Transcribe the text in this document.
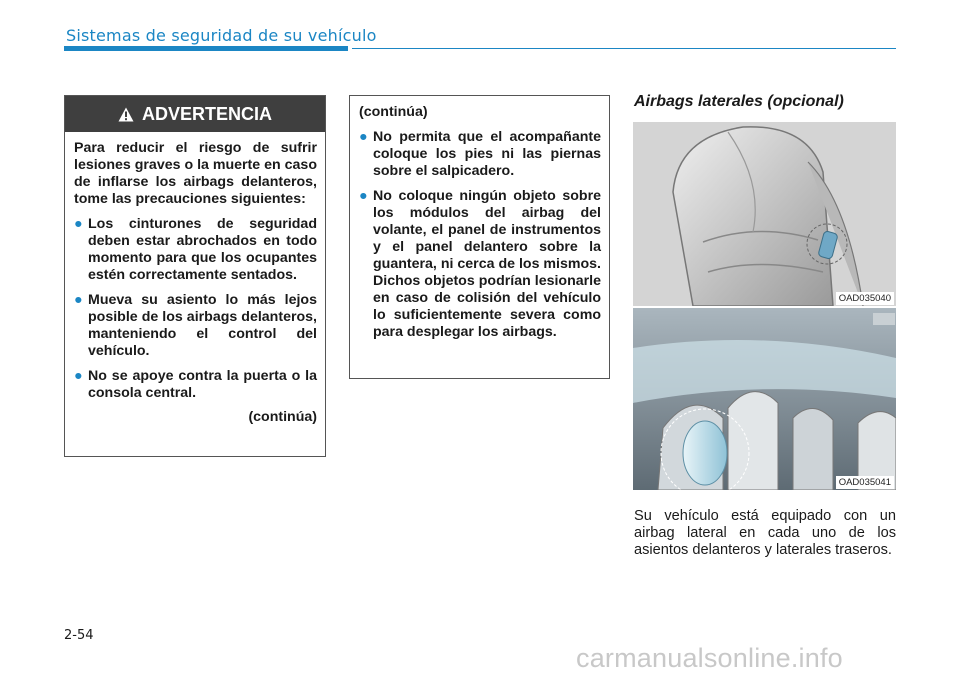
Sistemas de seguridad de su vehículo
ADVERTENCIA

Para reducir el riesgo de sufrir lesiones graves o la muerte en caso de inflarse los airbags delanteros, tome las precauciones siguientes:

● Los cinturones de seguridad deben estar abrochados en todo momento para que los ocupantes estén correctamente sentados.
● Mueva su asiento lo más lejos posible de los airbags delanteros, manteniendo el control del vehículo.
● No se apoye contra la puerta o la consola central.
(continúa)

(continúa)

● No permita que el acompañante coloque los pies ni las piernas sobre el salpicadero.
● No coloque ningún objeto sobre los módulos del airbag del volante, el panel de instrumentos y el panel delantero sobre la guantera, ni cerca de los mismos. Dichos objetos podrían lesionarle en caso de colisión del vehículo lo suficientemente severa como para desplegar los airbags.
Airbags laterales (opcional)
OAD035040
OAD035041
Su vehículo está equipado con un airbag lateral en cada uno de los asientos delanteros y laterales traseros.
2-54
carmanualsonline.info
